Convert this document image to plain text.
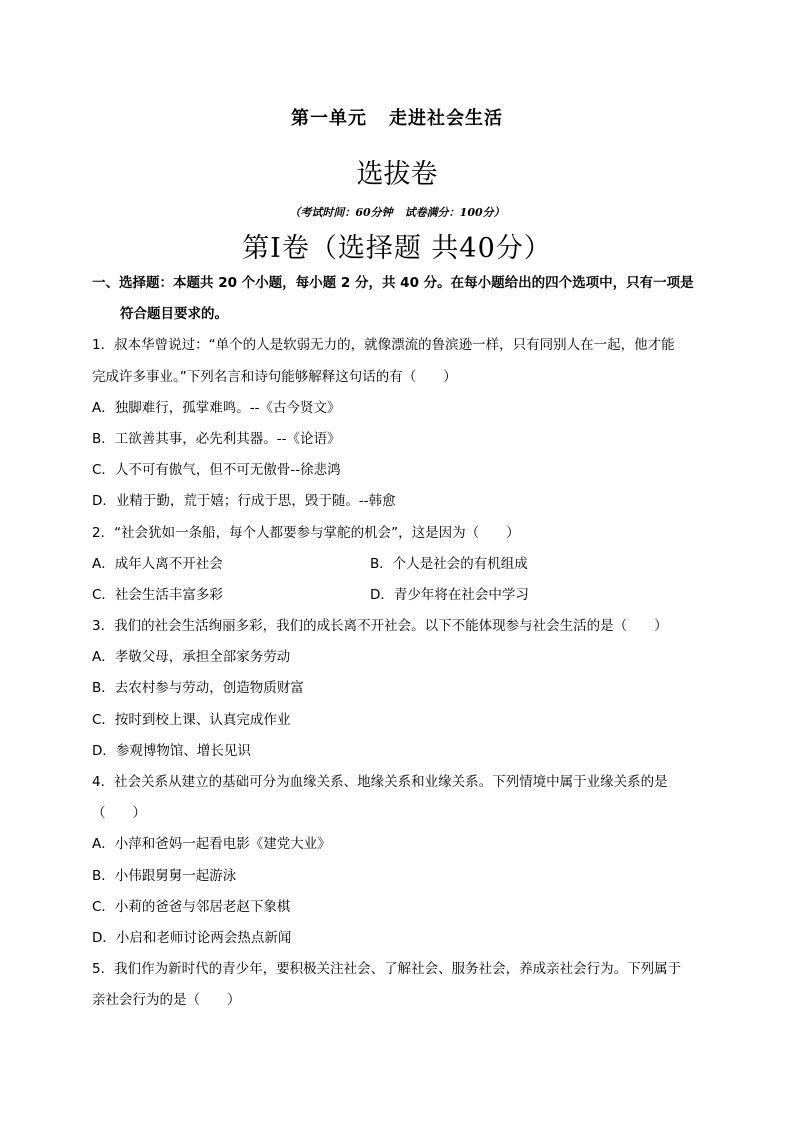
第一单元 走进社会生活
选拔卷
（考试时间：60分钟 试卷满分：100分）
第Ⅰ卷（选择题 共40分）
一、选择题：本题共 20 个小题，每小题 2 分，共 40 分。在每小题给出的四个选项中，只有一项是
符合题目要求的。
1．叔本华曾说过：“单个的人是软弱无力的，就像漂流的鲁滨逊一样，只有同别人在一起，他才能
完成许多事业。”下列名言和诗句能够解释这句话的有（　　）
A．独脚难行，孤掌难鸣。--《古今贤文》
B．工欲善其事，必先利其器。--《论语》
C．人不可有傲气，但不可无傲骨--徐悲鸿
D．业精于勤，荒于嬉；行成于思，毁于随。--韩愈
2．“社会犹如一条船，每个人都要参与掌舵的机会”，这是因为（　　）
A．成年人离不开社会	B．个人是社会的有机组成
C．社会生活丰富多彩	D．青少年将在社会中学习
3．我们的社会生活绚丽多彩，我们的成长离不开社会。以下不能体现参与社会生活的是（　　）
A．孝敬父母，承担全部家务劳动
B．去农村参与劳动，创造物质财富
C．按时到校上课、认真完成作业
D．参观博物馆、增长见识
4．社会关系从建立的基础可分为血缘关系、地缘关系和业缘关系。下列情境中属于业缘关系的是
（　　）
A．小萍和爸妈一起看电影《建党大业》
B．小伟跟舅舅一起游泳
C．小莉的爸爸与邻居老赵下象棋
D．小启和老师讨论两会热点新闻
5．我们作为新时代的青少年，要积极关注社会、了解社会、服务社会，养成亲社会行为。下列属于
亲社会行为的是（　　）
